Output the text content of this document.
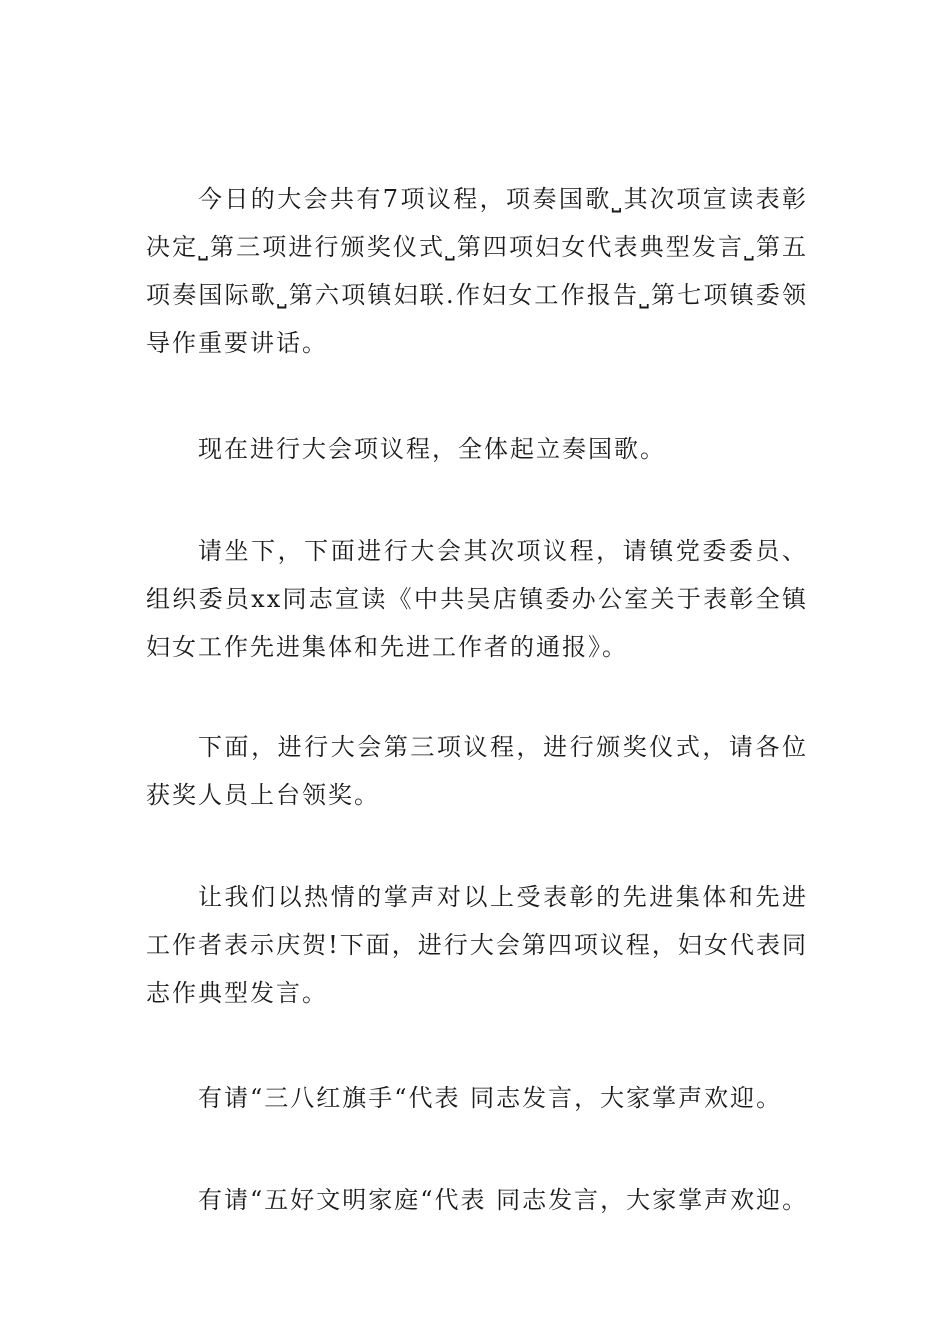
今日的大会共有7项议程，项奏国歌⎵其次项宣读表彰决定⎵第三项进行颁奖仪式⎵第四项妇女代表典型发言⎵第五项奏国际歌⎵第六项镇妇联.作妇女工作报告⎵第七项镇委领导作重要讲话。

现在进行大会项议程，全体起立奏国歌。

请坐下，下面进行大会其次项议程，请镇党委委员、组织委员xx同志宣读《中共吴店镇委办公室关于表彰全镇妇女工作先进集体和先进工作者的通报》。

下面，进行大会第三项议程，进行颁奖仪式，请各位获奖人员上台领奖。

让我们以热情的掌声对以上受表彰的先进集体和先进工作者表示庆贺!下面，进行大会第四项议程，妇女代表同志作典型发言。

有请“三八红旗手“代表 同志发言，大家掌声欢迎。

有请“五好文明家庭“代表 同志发言，大家掌声欢迎。
